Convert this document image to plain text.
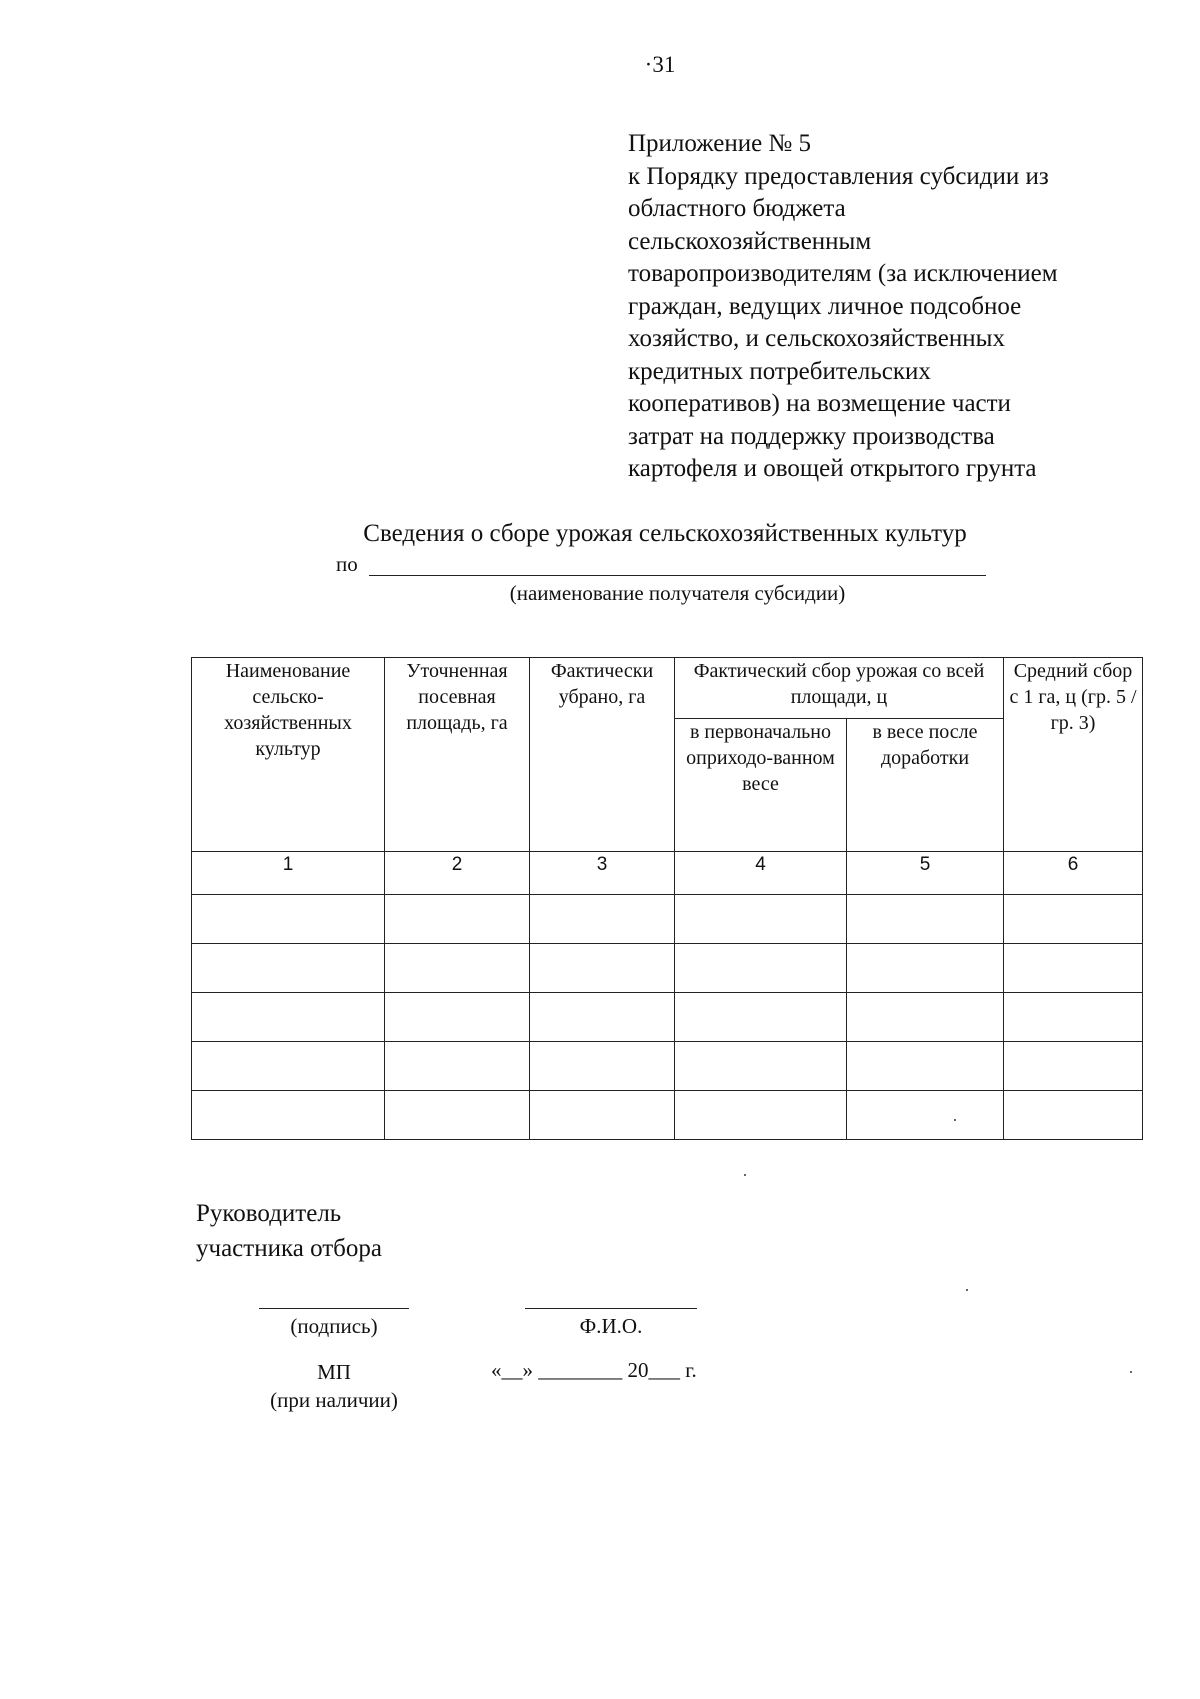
·31
Приложение № 5
к Порядку предоставления субсидии из
областного бюджета
сельскохозяйственным
товаропроизводителям (за исключением
граждан, ведущих личное подсобное
хозяйство, и сельскохозяйственных
кредитных потребительских
кооперативов) на возмещение части
затрат на поддержку производства
картофеля и овощей открытого грунта
Сведения о сборе урожая сельскохозяйственных культур
по
(наименование получателя субсидии)
Наименование сельско-хозяйственных культур	Уточненная посевная площадь, га	Фактически убрано, га	Фактический сбор урожая со всей площади, ц		Средний сбор с 1 га, ц (гр. 5 / гр. 3)
			в первоначально оприходо-ванном весе	в весе после доработки	
1	2	3	4	5	6

Руководитель
участника отбора
(подпись)	Ф.И.О.
МП
(при наличии)
«__» ________ 20___ г.
